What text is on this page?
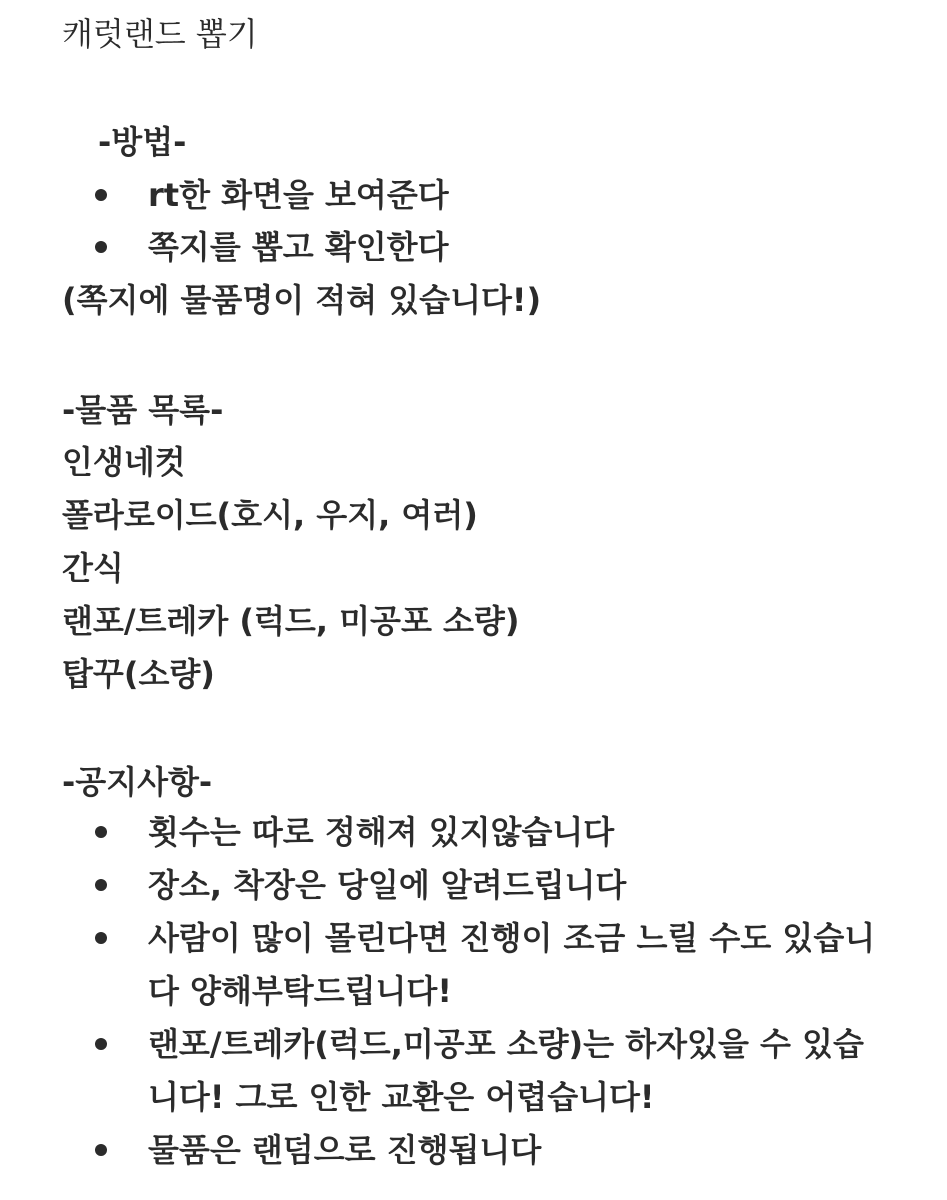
캐럿랜드 뽑기
-방법-
rt한 화면을 보여준다
쪽지를 뽑고 확인한다
(쪽지에 물품명이 적혀 있습니다!)
-물품 목록-
인생네컷
폴라로이드(호시, 우지, 여러)
간식
랜포/트레카 (럭드, 미공포 소량)
탑꾸(소량)
-공지사항-
횟수는 따로 정해져 있지않습니다
장소, 착장은 당일에 알려드립니다
사람이 많이 몰린다면 진행이 조금 느릴 수도 있습니
다 양해부탁드립니다!
랜포/트레카(럭드,미공포 소량)는 하자있을 수 있습
니다! 그로 인한 교환은 어렵습니다!
물품은 랜덤으로 진행됩니다
